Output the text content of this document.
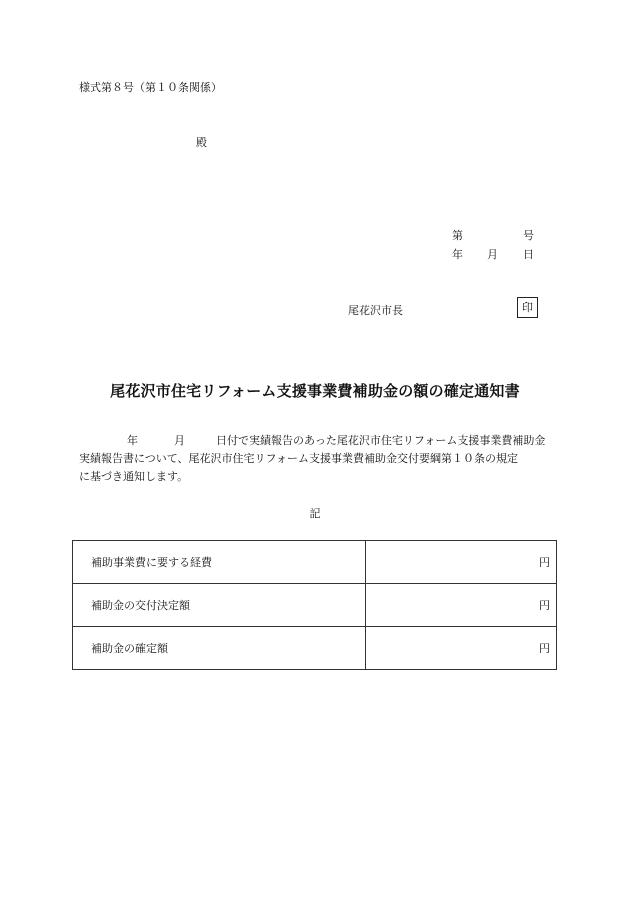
様式第８号（第１０条関係）
殿
第	号
年 月 日
尾花沢市長	印
尾花沢市住宅リフォーム支援事業費補助金の額の確定通知書
年	月	日付で実績報告のあった尾花沢市住宅リフォーム支援事業費補助金
実績報告書について、尾花沢市住宅リフォーム支援事業費補助金交付要綱第１０条の規定
に基づき通知します。
記
補助事業費に要する経費	円
補助金の交付決定額	円
補助金の確定額	円
